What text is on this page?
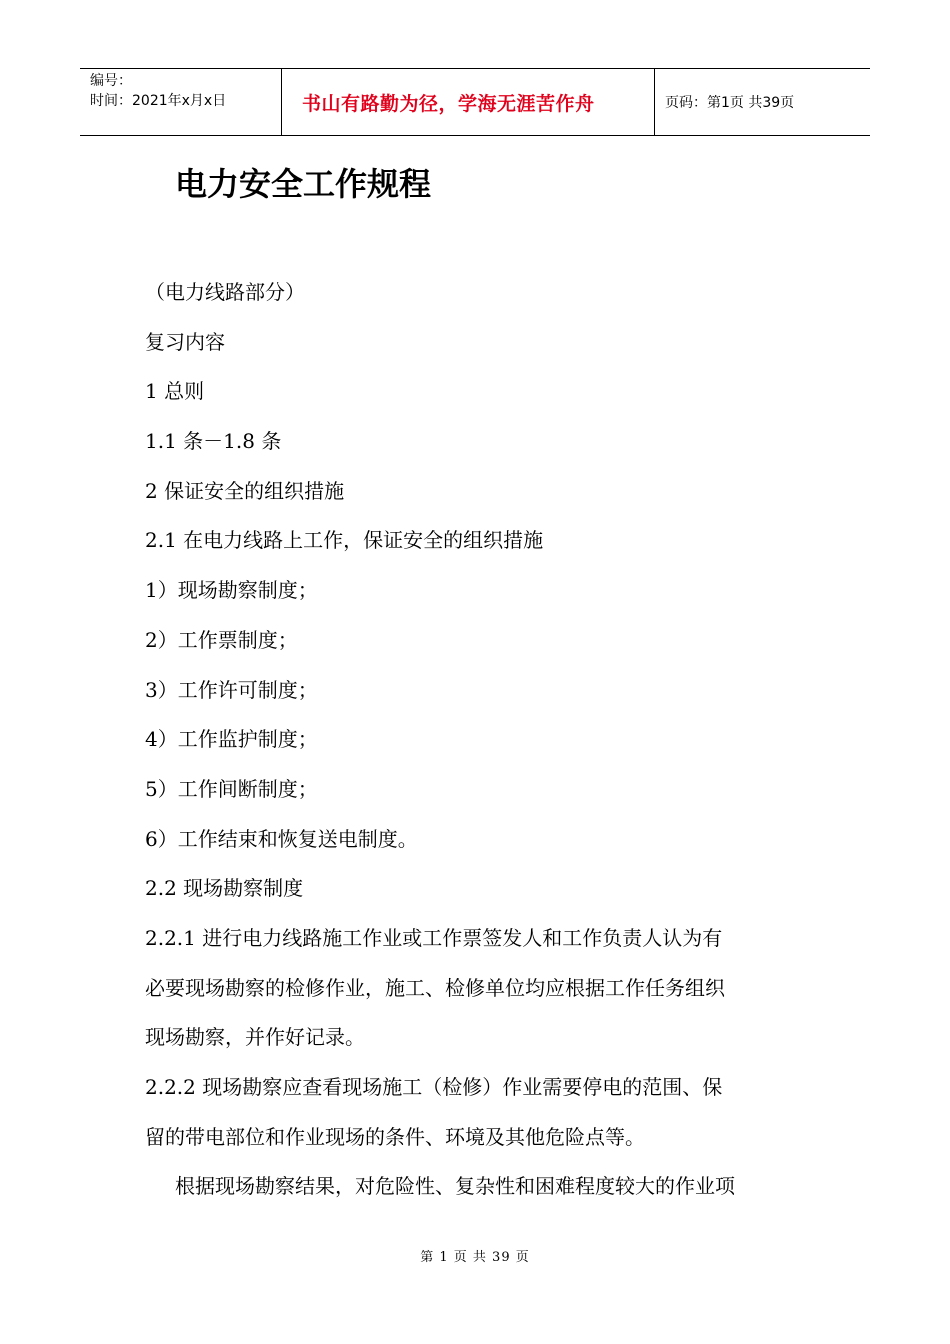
编号：
时间：2021年x月x日	书山有路勤为径，学海无涯苦作舟	页码：第1页 共39页
电力安全工作规程
（电力线路部分）
复习内容
1 总则
1.1 条－1.8 条
2 保证安全的组织措施
2.1 在电力线路上工作，保证安全的组织措施
1）现场勘察制度；
2）工作票制度；
3）工作许可制度；
4）工作监护制度；
5）工作间断制度；
6）工作结束和恢复送电制度。
2.2 现场勘察制度
2.2.1 进行电力线路施工作业或工作票签发人和工作负责人认为有
必要现场勘察的检修作业，施工、检修单位均应根据工作任务组织
现场勘察，并作好记录。
2.2.2 现场勘察应查看现场施工（检修）作业需要停电的范围、保
留的带电部位和作业现场的条件、环境及其他危险点等。
根据现场勘察结果，对危险性、复杂性和困难程度较大的作业项
第 1 页 共 39 页
